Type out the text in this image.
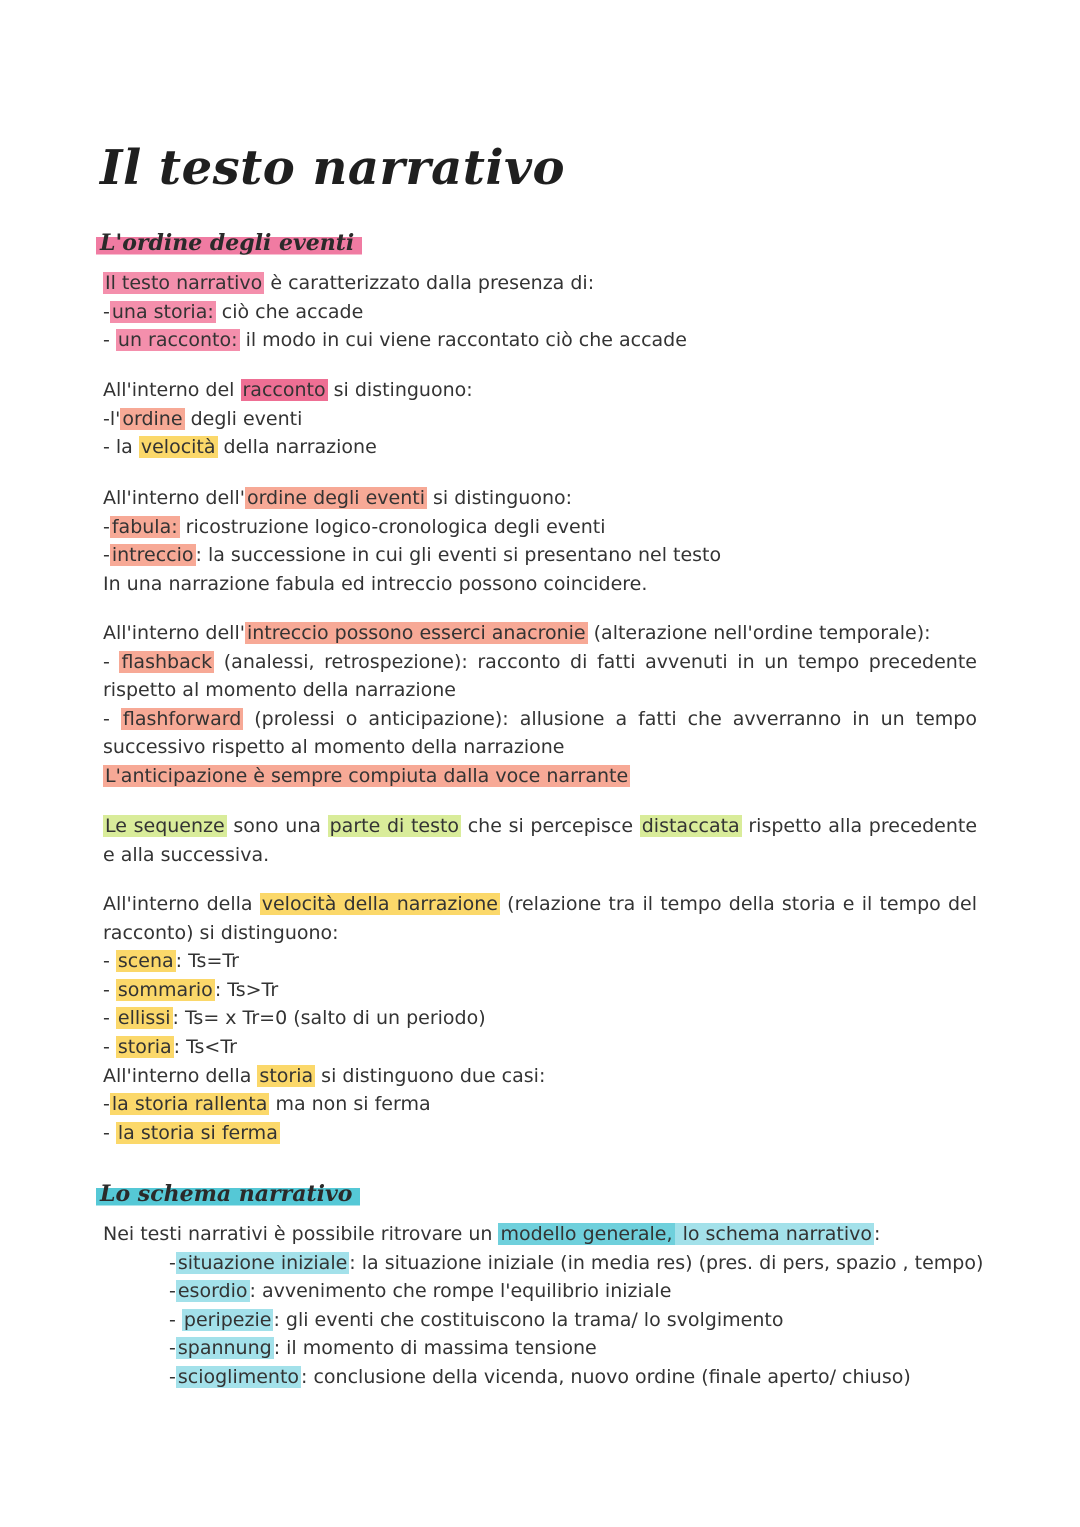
Il testo narrativo
L'ordine degli eventi
Il testo narrativo è caratterizzato dalla presenza di:
- una storia: ciò che accade
- un racconto: il modo in cui viene raccontato ciò che accade
All'interno del racconto si distinguono:
-l' ordine degli eventi
- la velocità della narrazione
All'interno dell' ordine degli eventi si distinguono:
- fabula: ricostruzione logico-cronologica degli eventi
- intreccio : la successione in cui gli eventi si presentano nel testo
In una narrazione fabula ed intreccio possono coincidere.
All'interno dell' intreccio possono esserci anacronie (alterazione nell'ordine temporale):
- flashback (analessi, retrospezione): racconto di fatti avvenuti in un tempo precedente rispetto al momento della narrazione
- flashforward (prolessi o anticipazione): allusione a fatti che avverranno in un tempo successivo rispetto al momento della narrazione
L'anticipazione è sempre compiuta dalla voce narrante
Le sequenze sono una parte di testo che si percepisce distaccata rispetto alla precedente e alla successiva.
All'interno della velocità della narrazione (relazione tra il tempo della storia e il tempo del racconto) si distinguono:
- scena : Ts=Tr
- sommario : Ts>Tr
- ellissi : Ts= x Tr=0 (salto di un periodo)
- storia : Ts<Tr
All'interno della storia si distinguono due casi:
- la storia rallenta ma non si ferma
- la storia si ferma
Lo schema narrativo
Nei testi narrativi è possibile ritrovare un modello generale, lo schema narrativo :
- situazione iniziale : la situazione iniziale (in media res) (pres. di pers, spazio , tempo)
- esordio : avvenimento che rompe l'equilibrio iniziale
- peripezie : gli eventi che costituiscono la trama/ lo svolgimento
- spannung : il momento di massima tensione
- scioglimento : conclusione della vicenda, nuovo ordine (finale aperto/ chiuso)
